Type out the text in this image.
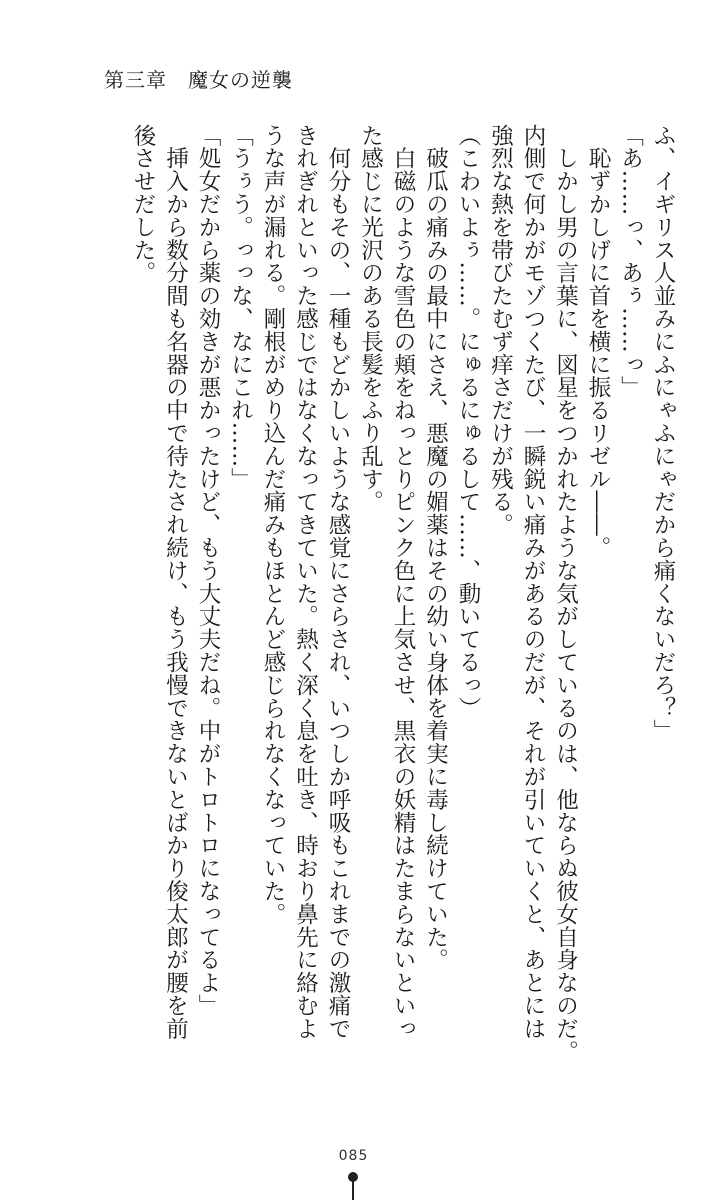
第三章　魔女の逆襲

ふ、イギリス人並みにふにゃふにゃだから痛くないだろ？」

「あ……っ、あぅ……っ」

　恥ずかしげに首を横に振るリゼル――。

　しかし男の言葉に、図星をつかれたような気がしているのは、他ならぬ彼女自身なのだ。

内側で何かがモゾつくたび、一瞬鋭い痛みがあるのだが、それが引いていくと、あとには

強烈な熱を帯びたむず痒さだけが残る。

（こわいよぅ……。にゅるにゅるして……、動いてるっ）

　破瓜の痛みの最中にさえ、悪魔の媚薬はその幼い身体を着実に毒し続けていた。

　白磁のような雪色の頬をねっとりピンク色に上気させ、黒衣の妖精はたまらないといっ

た感じに光沢のある長髪をふり乱す。

　何分もその、一種もどかしいような感覚にさらされ、いつしか呼吸もこれまでの激痛で

きれぎれといった感じではなくなってきていた。熱く深く息を吐き、時おり鼻先に絡むよ

うな声が漏れる。剛根がめり込んだ痛みもほとんど感じられなくなっていた。

「うぅう。っっな、なにこれ……」

「処女だから薬の効きが悪かったけど、もう大丈夫だね。中がトロトロになってるよ」

　挿入から数分間も名器の中で待たされ続け、もう我慢できないとばかり俊太郎が腰を前

後させだした。

085
